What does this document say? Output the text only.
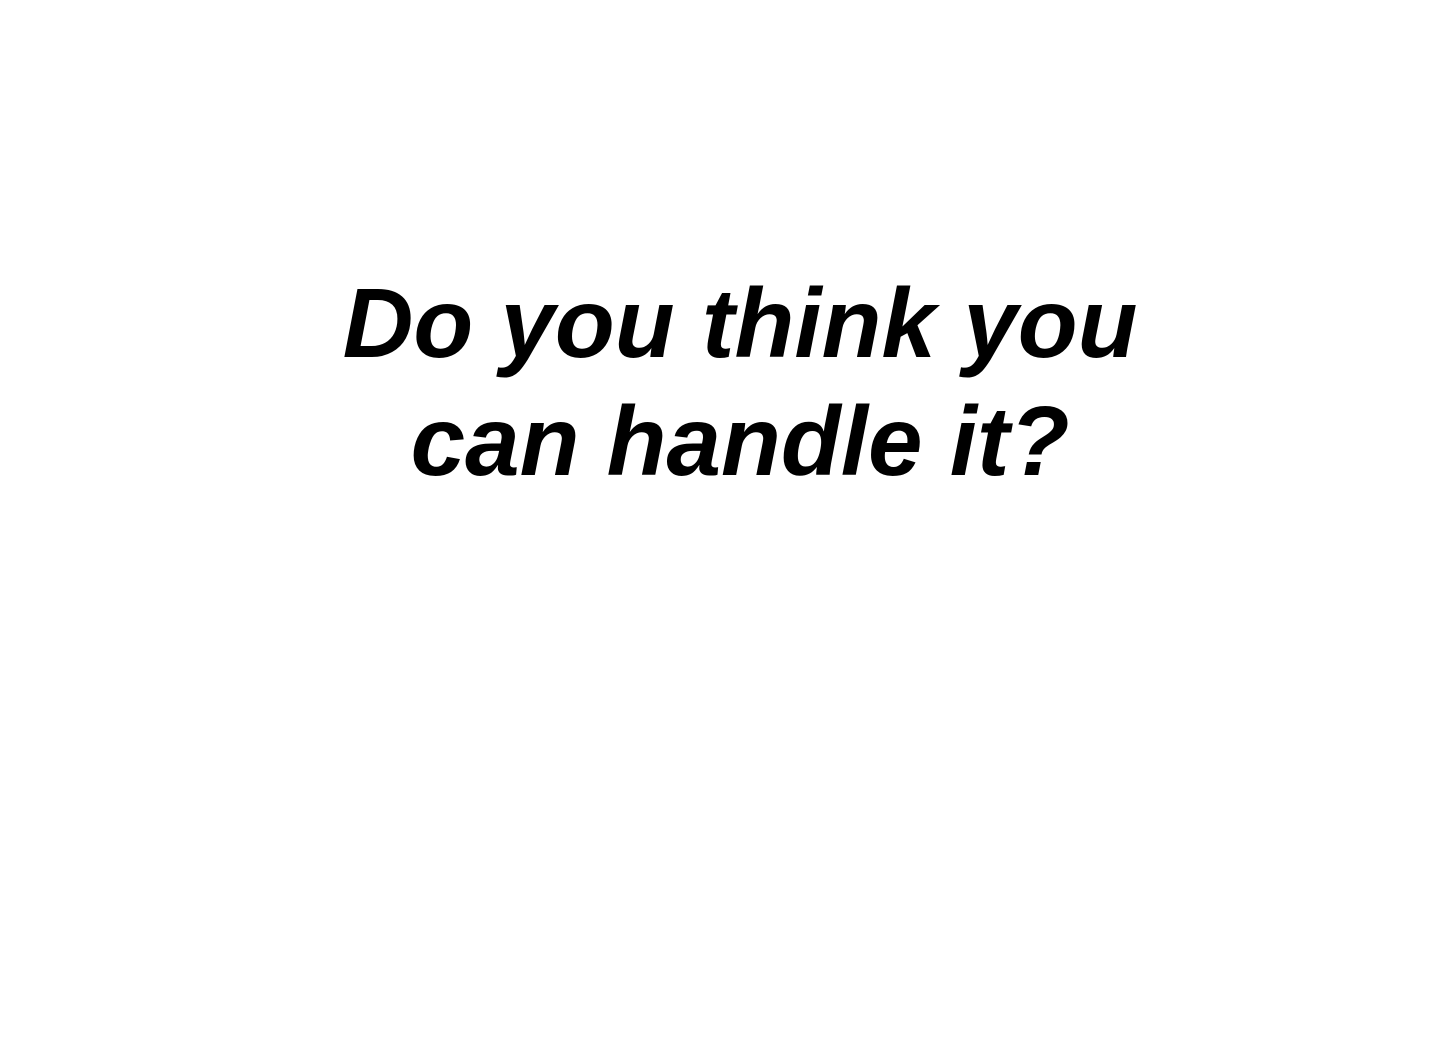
Do you think you
can handle it?
